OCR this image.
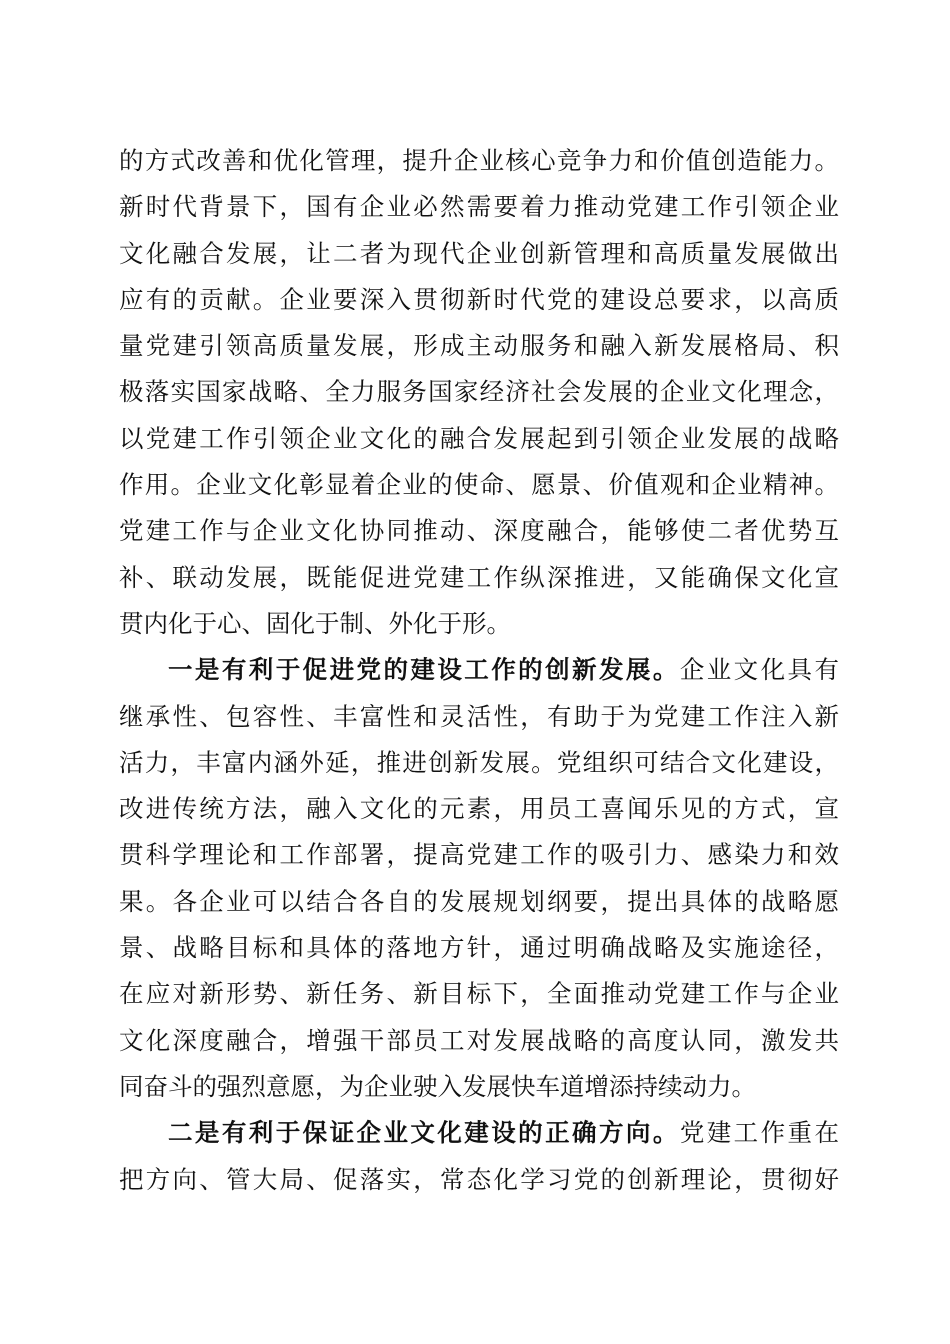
的方式改善和优化管理，提升企业核心竞争力和价值创造能力。
新时代背景下，国有企业必然需要着力推动党建工作引领企业
文化融合发展，让二者为现代企业创新管理和高质量发展做出
应有的贡献。企业要深入贯彻新时代党的建设总要求，以高质
量党建引领高质量发展，形成主动服务和融入新发展格局、积
极落实国家战略、全力服务国家经济社会发展的企业文化理念，
以党建工作引领企业文化的融合发展起到引领企业发展的战略
作用。企业文化彰显着企业的使命、愿景、价值观和企业精神。
党建工作与企业文化协同推动、深度融合，能够使二者优势互
补、联动发展，既能促进党建工作纵深推进，又能确保文化宣
贯内化于心、固化于制、外化于形。
一是有利于促进党的建设工作的创新发展。企业文化具有
继承性、包容性、丰富性和灵活性，有助于为党建工作注入新
活力，丰富内涵外延，推进创新发展。党组织可结合文化建设，
改进传统方法，融入文化的元素，用员工喜闻乐见的方式，宣
贯科学理论和工作部署，提高党建工作的吸引力、感染力和效
果。各企业可以结合各自的发展规划纲要，提出具体的战略愿
景、战略目标和具体的落地方针，通过明确战略及实施途径，
在应对新形势、新任务、新目标下，全面推动党建工作与企业
文化深度融合，增强干部员工对发展战略的高度认同，激发共
同奋斗的强烈意愿，为企业驶入发展快车道增添持续动力。
二是有利于保证企业文化建设的正确方向。党建工作重在
把方向、管大局、促落实，常态化学习党的创新理论，贯彻好
